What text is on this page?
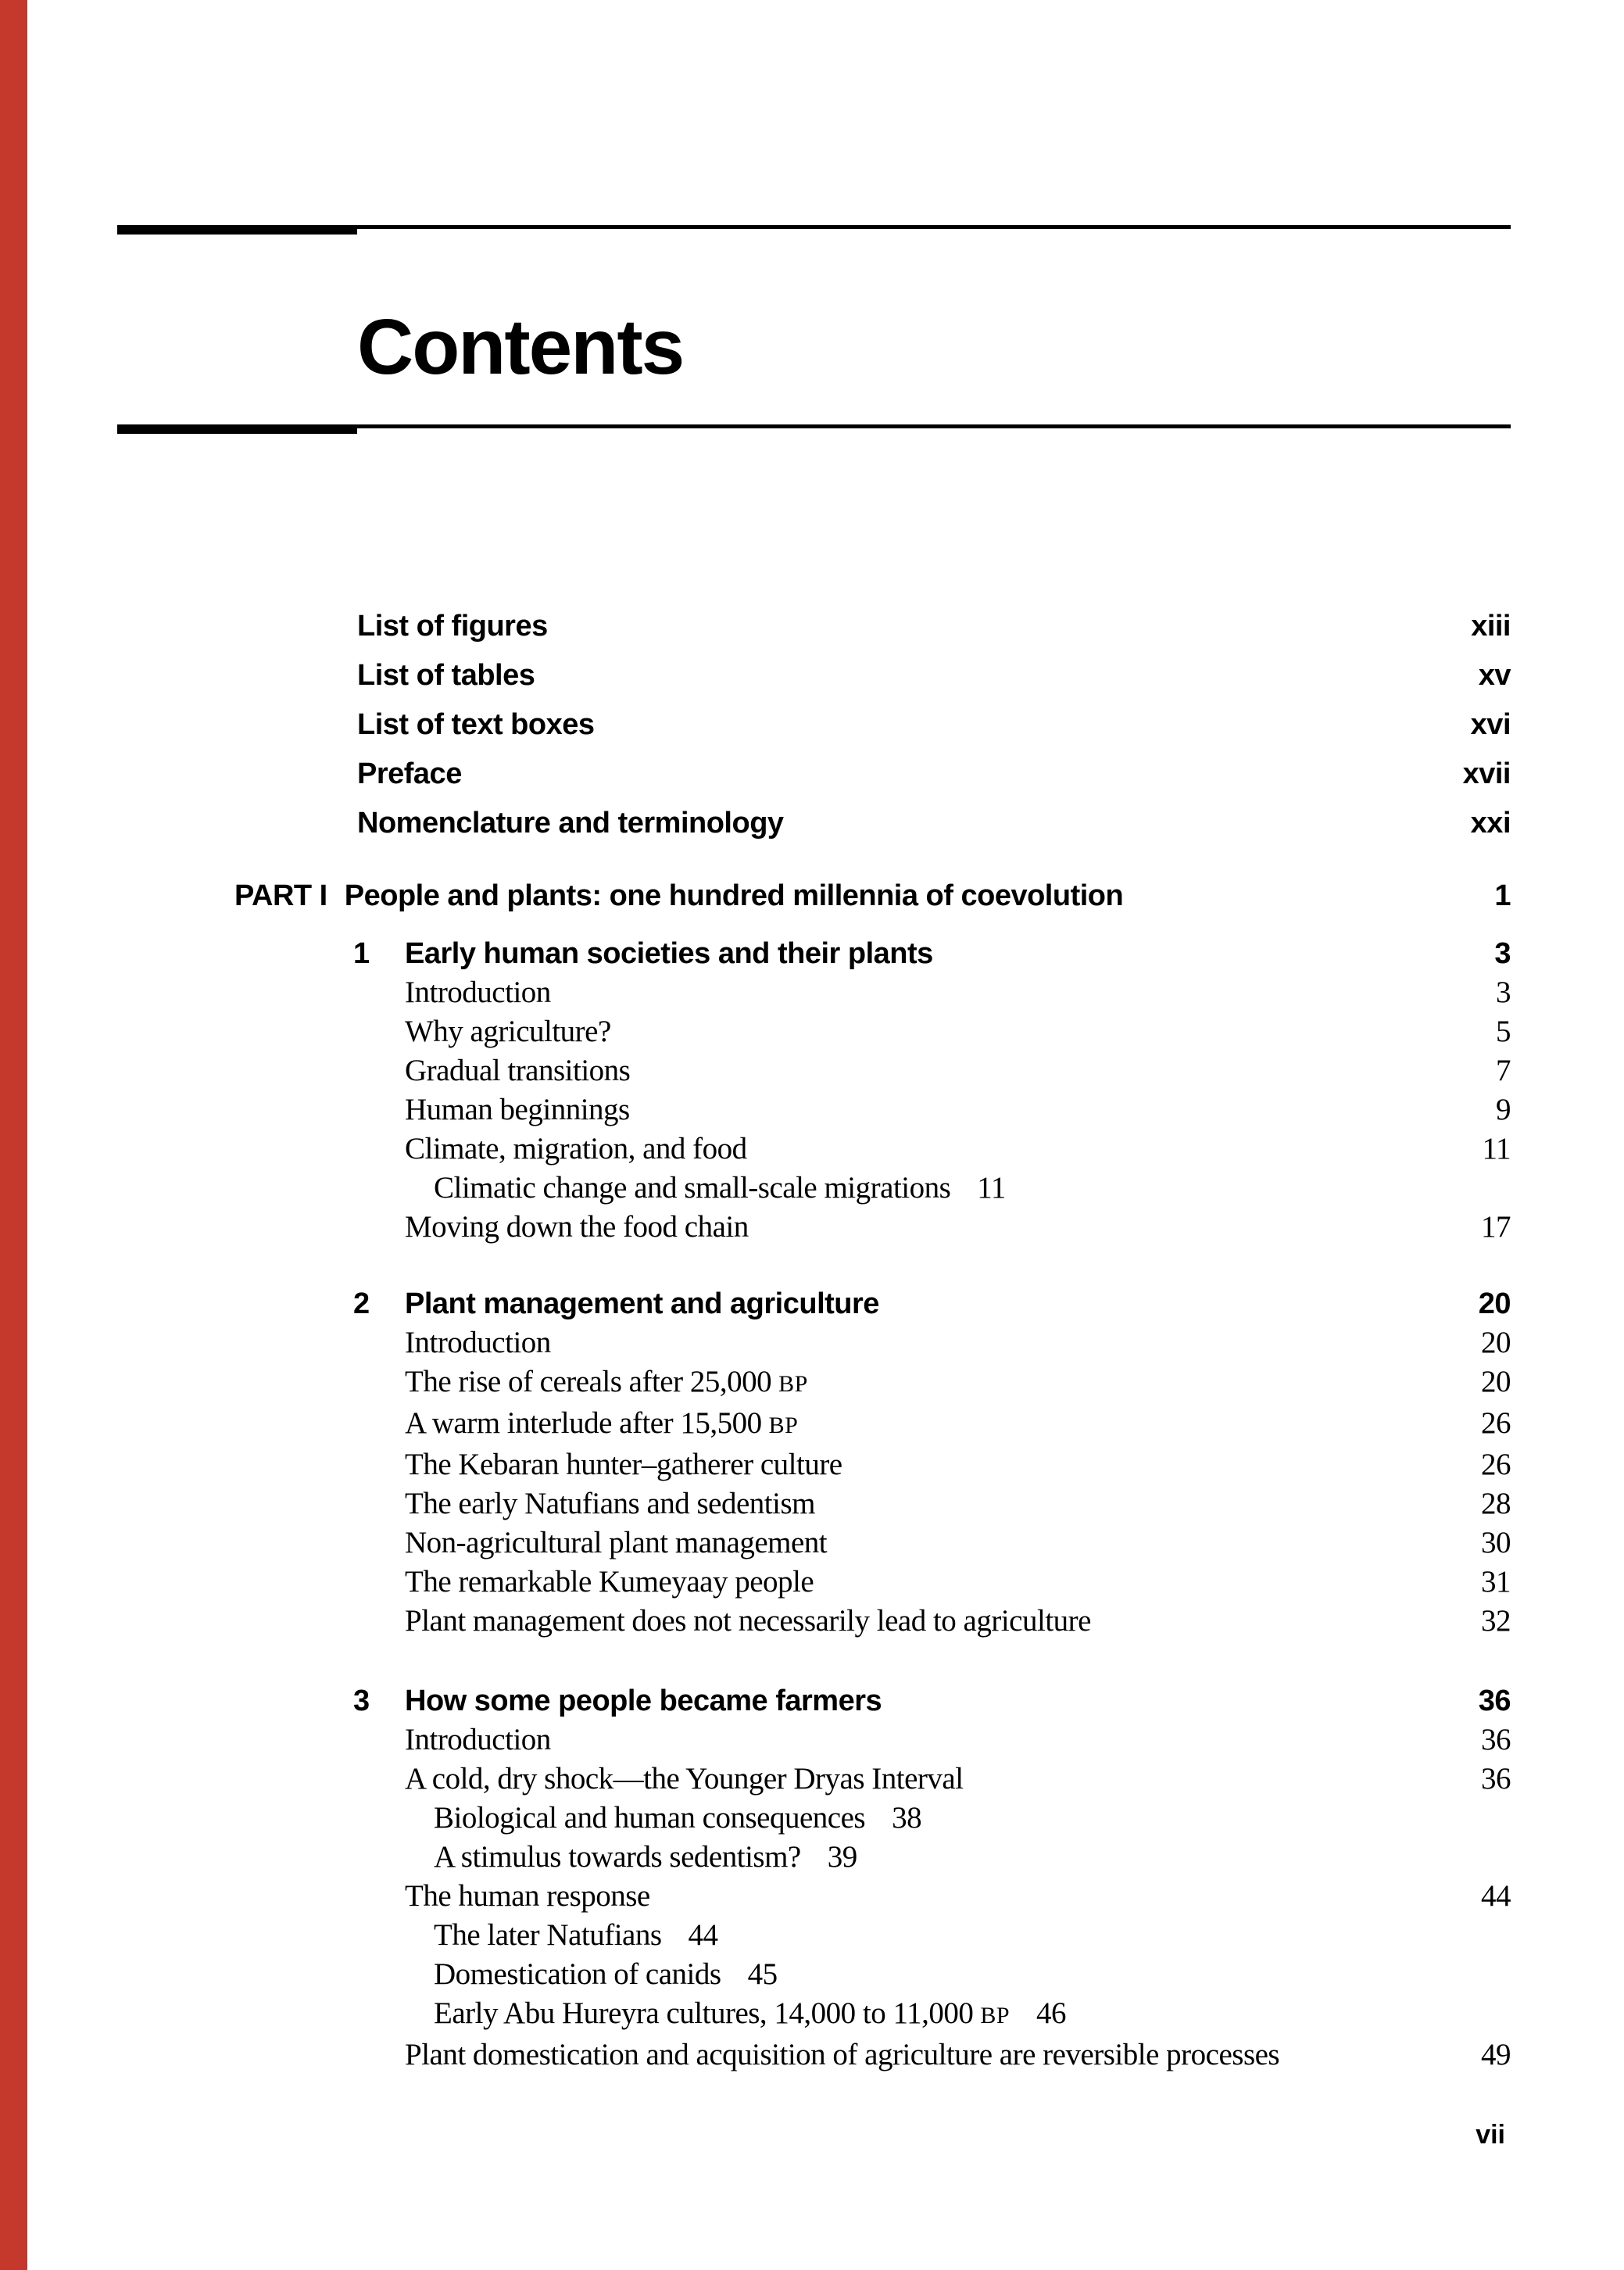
Contents
List of figures	xiii
List of tables	xv
List of text boxes	xvi
Preface	xvii
Nomenclature and terminology	xxi
PART I People and plants: one hundred millennia of coevolution	1
1	Early human societies and their plants	3
Introduction	3
Why agriculture?	5
Gradual transitions	7
Human beginnings	9
Climate, migration, and food	11
Climatic change and small-scale migrations 11
Moving down the food chain	17
2	Plant management and agriculture	20
Introduction	20
The rise of cereals after 25,000 BP	20
A warm interlude after 15,500 BP	26
The Kebaran hunter–gatherer culture	26
The early Natufians and sedentism	28
Non-agricultural plant management	30
The remarkable Kumeyaay people	31
Plant management does not necessarily lead to agriculture	32
3	How some people became farmers	36
Introduction	36
A cold, dry shock—the Younger Dryas Interval	36
Biological and human consequences 38
A stimulus towards sedentism? 39
The human response	44
The later Natufians 44
Domestication of canids 45
Early Abu Hureyra cultures, 14,000 to 11,000 BP 46
Plant domestication and acquisition of agriculture are reversible processes	49
vii
